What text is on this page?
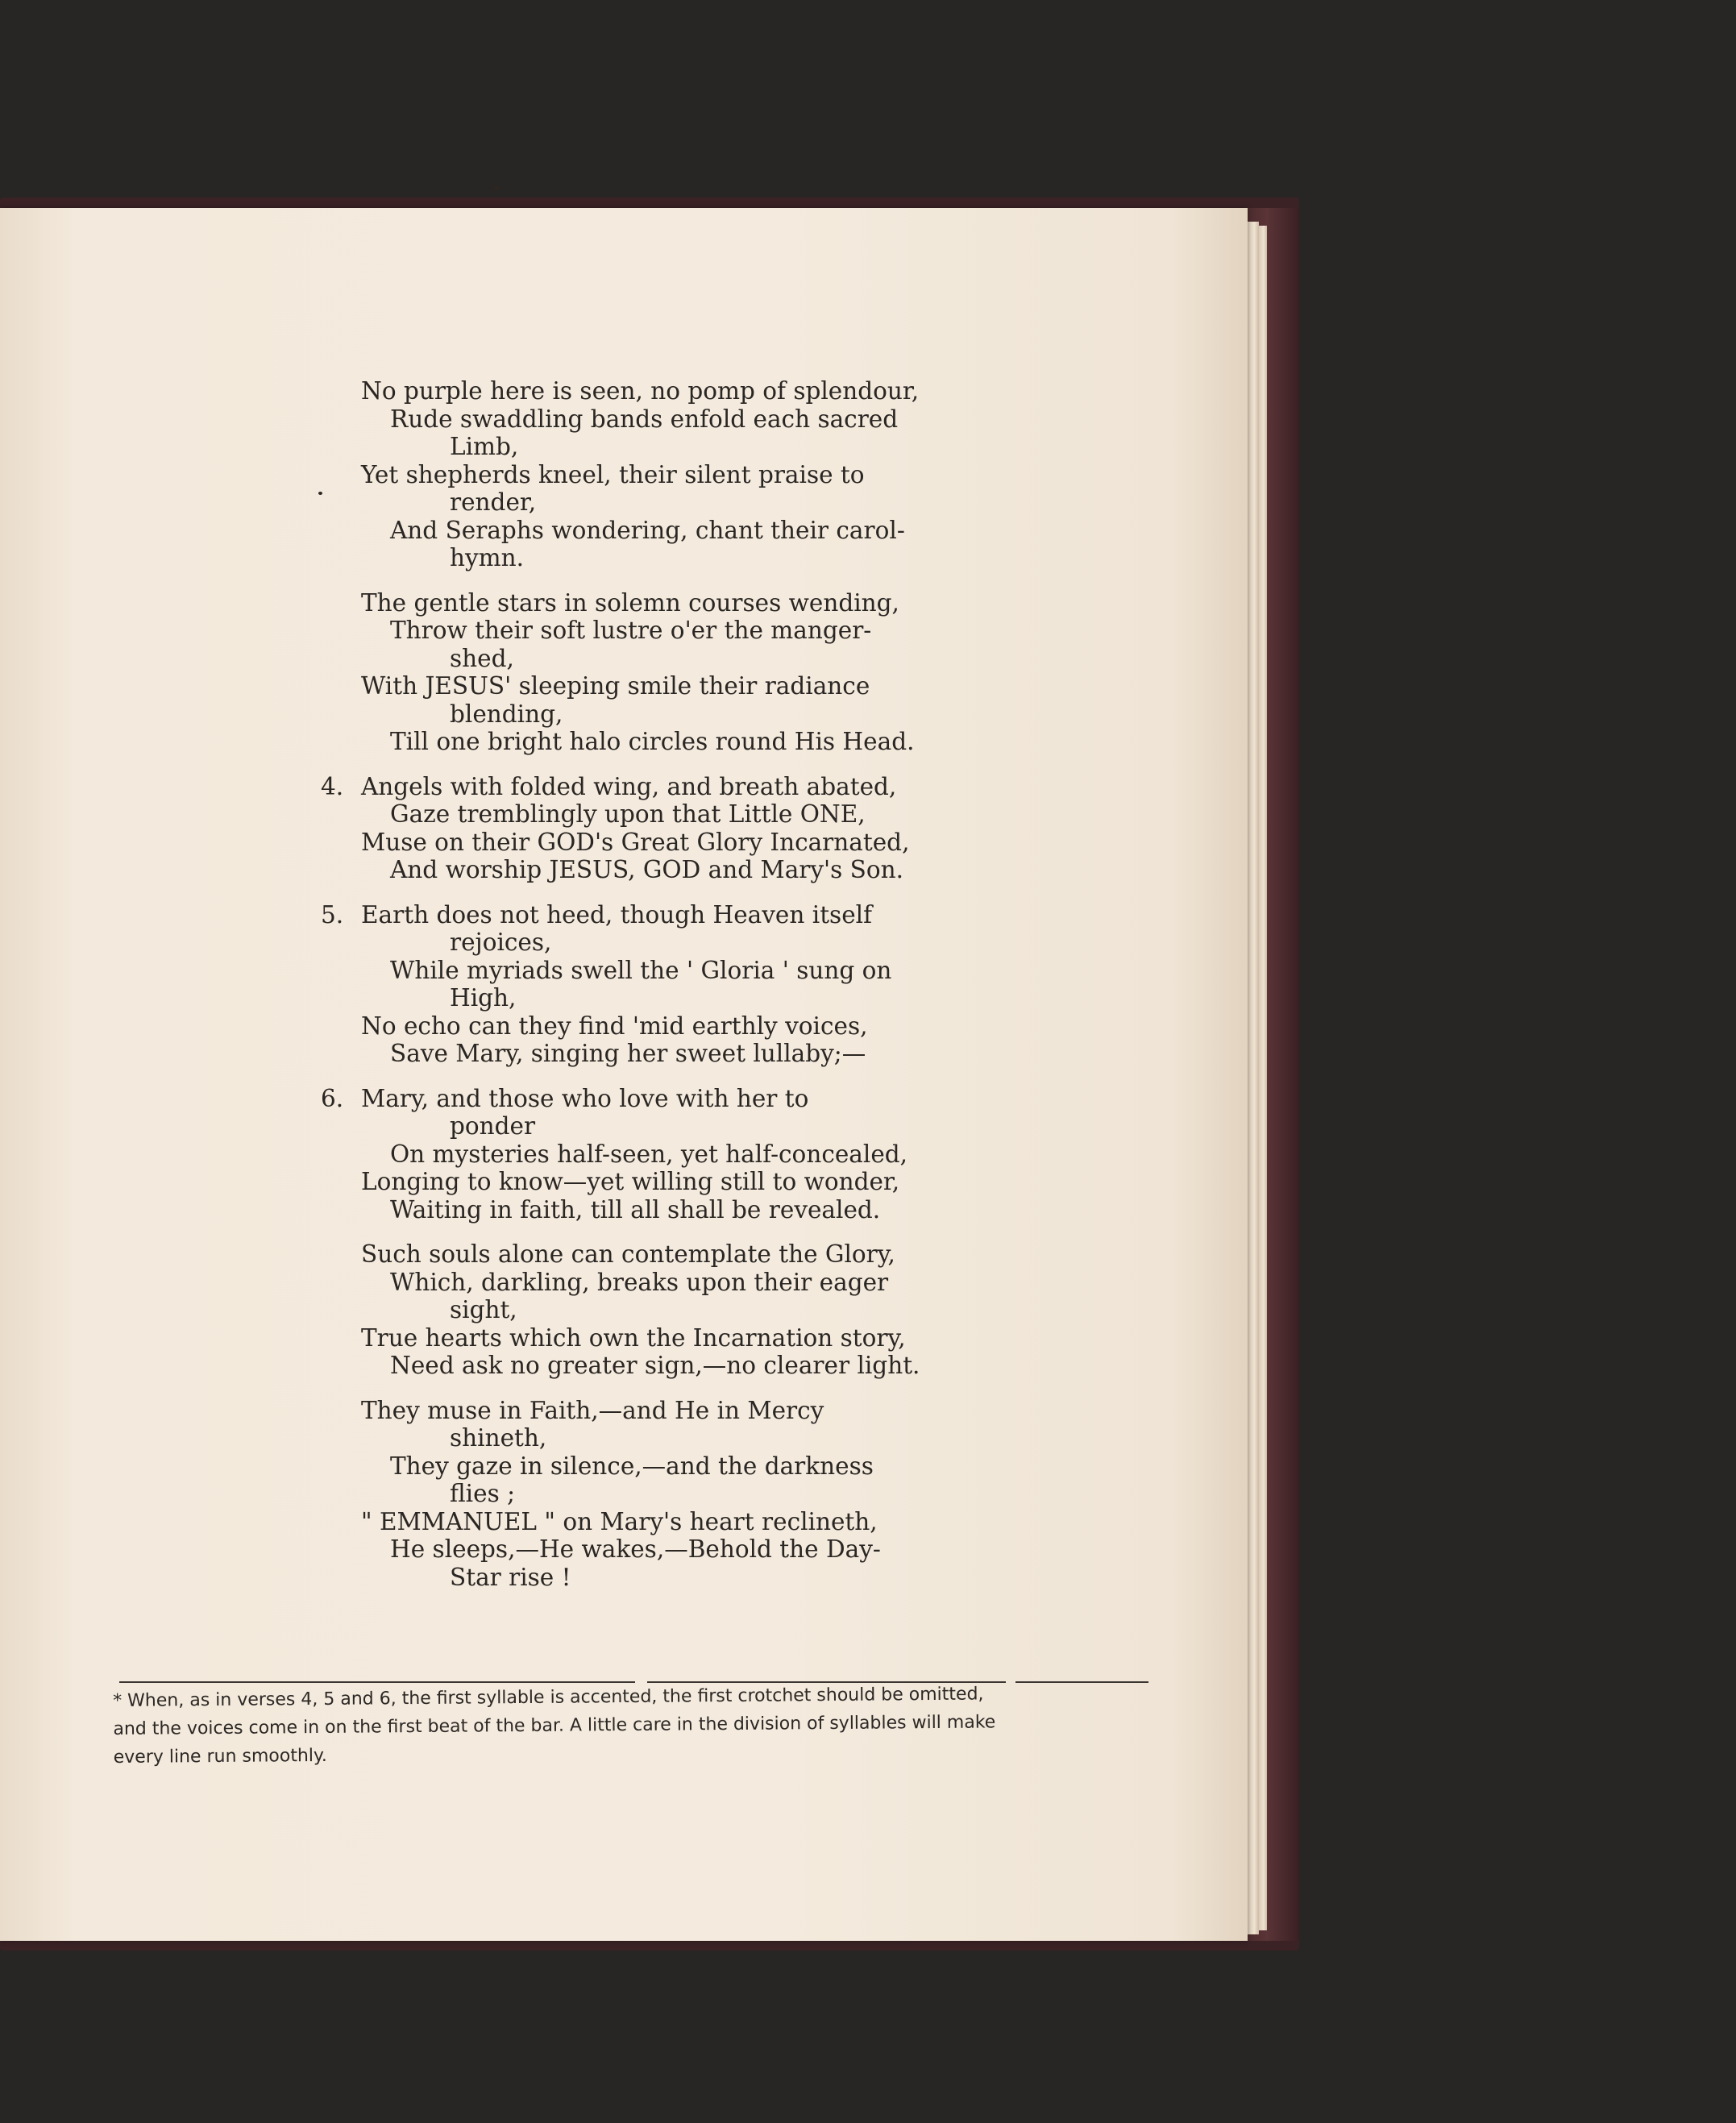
No purple here is seen, no pomp of splendour,
Rude swaddling bands enfold each sacred
Limb,
Yet shepherds kneel, their silent praise to
render,
And Seraphs wondering, chant their carol-
hymn.
The gentle stars in solemn courses wending,
Throw their soft lustre o'er the manger-
shed,
With JESUS' sleeping smile their radiance
blending,
Till one bright halo circles round His Head.
4. Angels with folded wing, and breath abated,
Gaze tremblingly upon that Little ONE,
Muse on their GOD's Great Glory Incarnated,
And worship JESUS, GOD and Mary's Son.
5. Earth does not heed, though Heaven itself
rejoices,
While myriads swell the ' Gloria ' sung on
High,
No echo can they find 'mid earthly voices,
Save Mary, singing her sweet lullaby;—
6. Mary, and those who love with her to
ponder
On mysteries half-seen, yet half-concealed,
Longing to know—yet willing still to wonder,
Waiting in faith, till all shall be revealed.
Such souls alone can contemplate the Glory,
Which, darkling, breaks upon their eager
sight,
True hearts which own the Incarnation story,
Need ask no greater sign,—no clearer light.
They muse in Faith,—and He in Mercy
shineth,
They gaze in silence,—and the darkness
flies ;
" EMMANUEL " on Mary's heart reclineth,
He sleeps,—He wakes,—Behold the Day-
Star rise !
* When, as in verses 4, 5 and 6, the first syllable is accented, the first crotchet should be omitted,
and the voices come in on the first beat of the bar. A little care in the division of syllables will make
every line run smoothly.
